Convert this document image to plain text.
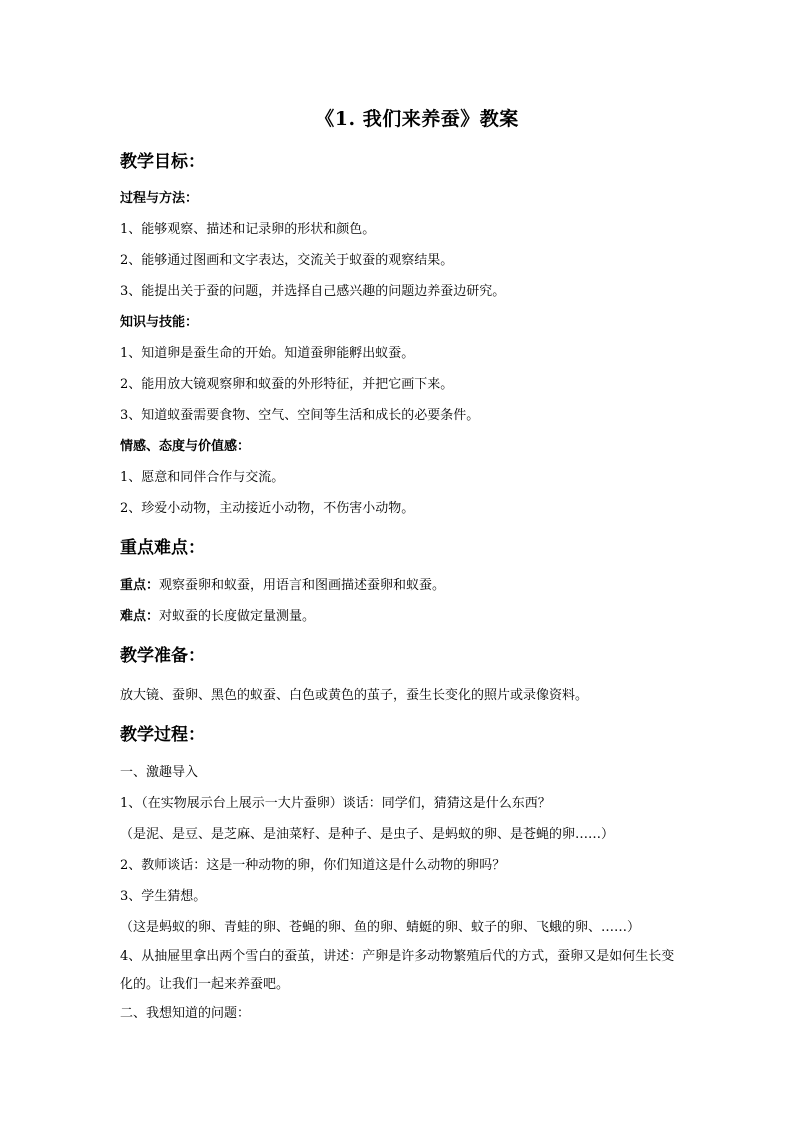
《1. 我们来养蚕》教案
教学目标：
过程与方法：
1、能够观察、描述和记录卵的形状和颜色。
2、能够通过图画和文字表达，交流关于蚁蚕的观察结果。
3、能提出关于蚕的问题，并选择自己感兴趣的问题边养蚕边研究。
知识与技能：
1、知道卵是蚕生命的开始。知道蚕卵能孵出蚁蚕。
2、能用放大镜观察卵和蚁蚕的外形特征，并把它画下来。
3、知道蚁蚕需要食物、空气、空间等生活和成长的必要条件。
情感、态度与价值感：
1、愿意和同伴合作与交流。
2、珍爱小动物，主动接近小动物，不伤害小动物。
重点难点：
重点：观察蚕卵和蚁蚕，用语言和图画描述蚕卵和蚁蚕。
难点：对蚁蚕的长度做定量测量。
教学准备：
放大镜、蚕卵、黑色的蚁蚕、白色或黄色的茧子，蚕生长变化的照片或录像资料。
教学过程：
一、激趣导入
1、（在实物展示台上展示一大片蚕卵）谈话：同学们，猜猜这是什么东西？
（是泥、是豆、是芝麻、是油菜籽、是种子、是虫子、是蚂蚁的卵、是苍蝇的卵……）
2、教师谈话：这是一种动物的卵，你们知道这是什么动物的卵吗？
3、学生猜想。
（这是蚂蚁的卵、青蛙的卵、苍蝇的卵、鱼的卵、蜻蜓的卵、蚊子的卵、飞蛾的卵、……）
4、从抽屉里拿出两个雪白的蚕茧，讲述：产卵是许多动物繁殖后代的方式，蚕卵又是如何生长变化的。让我们一起来养蚕吧。
二、我想知道的问题：
